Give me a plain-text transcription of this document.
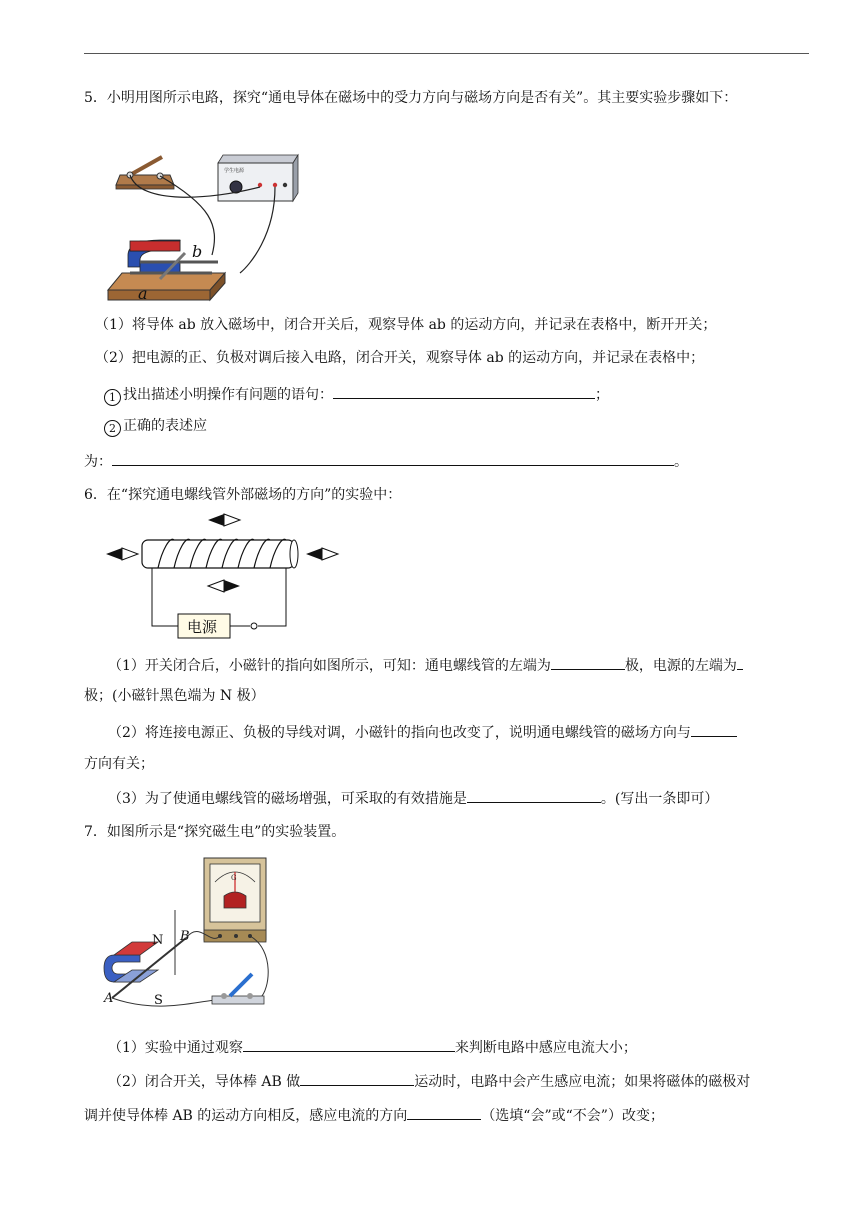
5．小明用图所示电路，探究“通电导体在磁场中的受力方向与磁场方向是否有关”。其主要实验步骤如下：
学生电源
b
a
（1）将导体 ab 放入磁场中，闭合开关后，观察导体 ab 的运动方向，并记录在表格中，断开开关；
（2）把电源的正、负极对调后接入电路，闭合开关，观察导体 ab 的运动方向，并记录在表格中；
1 找出描述小明操作有问题的语句：	；
2 正确的表述应
为：	。
6．在“探究通电螺线管外部磁场的方向”的实验中：
电源
（1）开关闭合后，小磁针的指向如图所示，可知：通电螺线管的左端为	极，电源的左端为
极；(小磁针黑色端为 N 极）
（2）将连接电源正、负极的导线对调，小磁针的指向也改变了，说明通电螺线管的磁场方向与
方向有关；
（3）为了使通电螺线管的磁场增强，可采取的有效措施是	。(写出一条即可）
7．如图所示是“探究磁生电”的实验装置。
G
N
S
A
B
（1）实验中通过观察	来判断电路中感应电流大小；
（2）闭合开关，导体棒 AB 做	运动时，电路中会产生感应电流；如果将磁体的磁极对
调并使导体棒 AB 的运动方向相反，感应电流的方向	（选填“会”或“不会”）改变；
